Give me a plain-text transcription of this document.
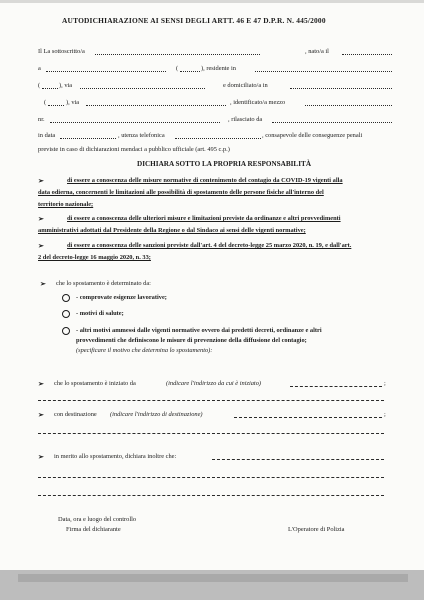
AUTODICHIARAZIONE AI SENSI DEGLI ARTT. 46 E 47 D.P.R. N. 445/2000
Il La sottoscritto/a	, nato/a il
a	(	), residente in
(	), via	e domiciliato/a in
(	), via	, identificato/a mezzo
nr.	, rilasciato da
in data	, utenza telefonica	, consapevole delle conseguenze penali
previste in caso di dichiarazioni mendaci a pubblico ufficiale (art. 495 c.p.)
DICHIARA SOTTO LA PROPRIA RESPONSABILITÀ
➢	di essere a conoscenza delle misure normative di contenimento del contagio da COVID-19 vigenti alla
data odierna, concernenti le limitazioni alle possibilità di spostamento delle persone fisiche all'interno del
territorio nazionale;
➢	di essere a conoscenza delle ulteriori misure e limitazioni previste da ordinanze e altri provvedimenti
amministrativi adottati dal Presidente della Regione o dal Sindaco ai sensi delle vigenti normative;
➢	di essere a conoscenza delle sanzioni previste dall'art. 4 del decreto-legge 25 marzo 2020, n. 19, e dall'art.
2 del decreto-legge 16 maggio 2020, n. 33;
➢ che lo spostamento è determinato da:
- comprovate esigenze lavorative;
- motivi di salute;
- altri motivi ammessi dalle vigenti normative ovvero dai predetti decreti, ordinanze e altri
provvedimenti che definiscono le misure di prevenzione della diffusione del contagio;
(specificare il motivo che determina lo spostamento):
➢ che lo spostamento è iniziato da	(indicare l'indirizzo da cui è iniziato)	;
➢ con destinazione (indicare l'indirizzo di destinazione)	;
➢ in merito allo spostamento, dichiara inoltre che:
Data, ora e luogo del controllo
Firma del dichiarante	L'Operatore di Polizia
